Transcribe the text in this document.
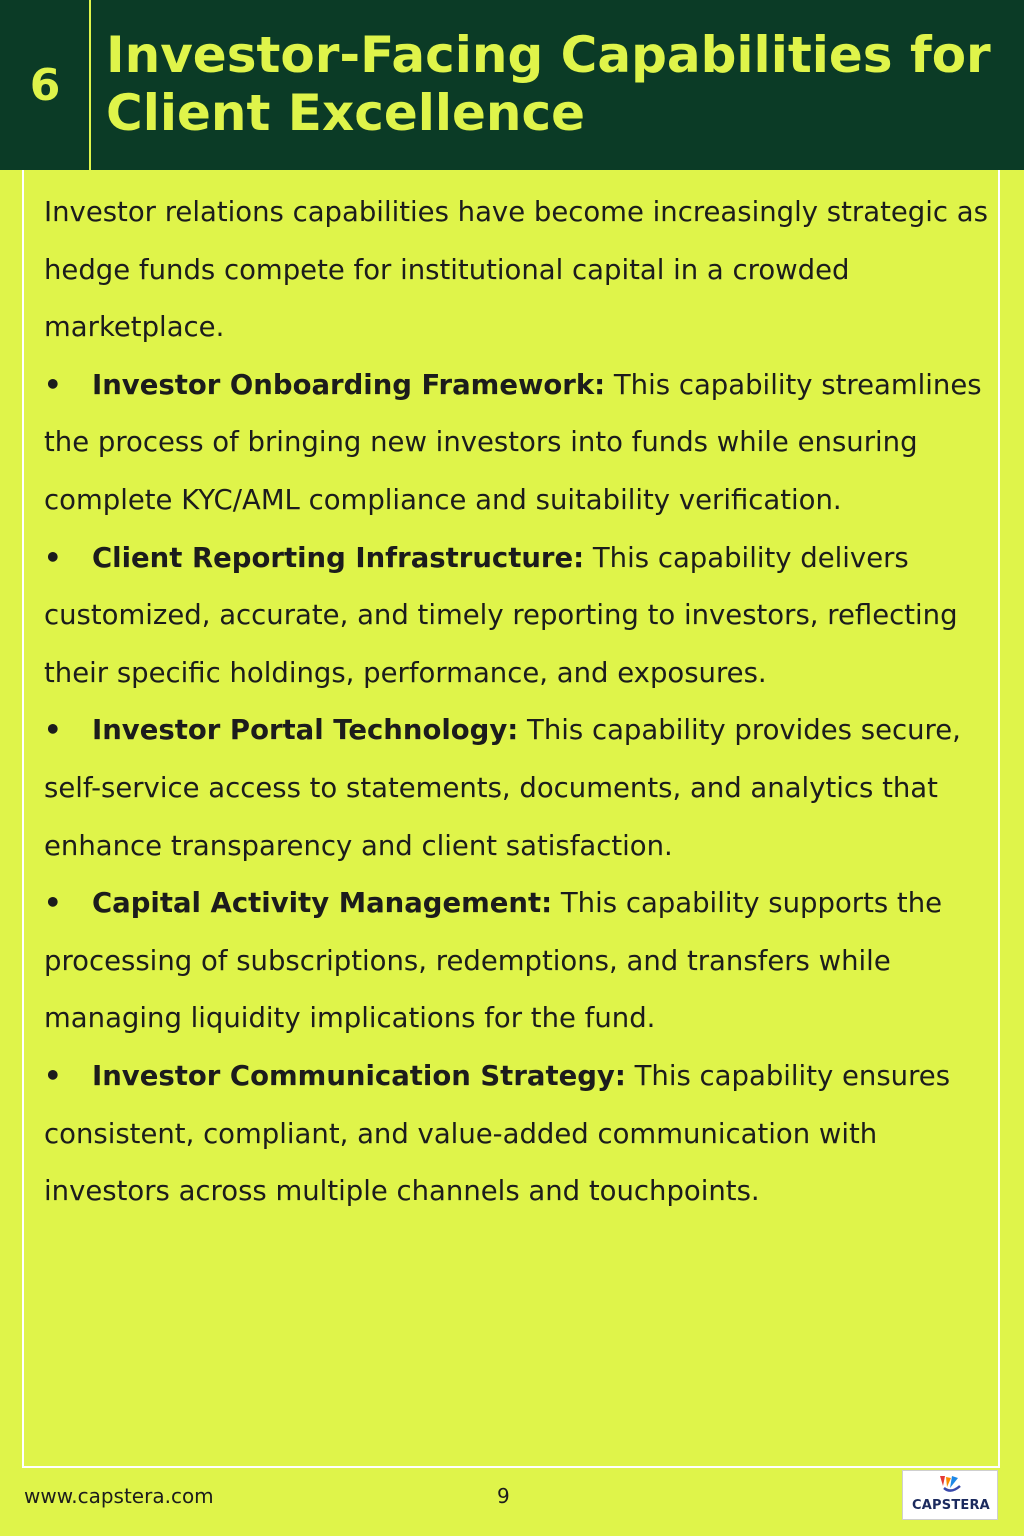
6
Investor-Facing Capabilities for
Client Excellence

Investor relations capabilities have become increasingly strategic as hedge funds compete for institutional capital in a crowded marketplace.

• Investor Onboarding Framework: This capability streamlines the process of bringing new investors into funds while ensuring complete KYC/AML compliance and suitability verification.

• Client Reporting Infrastructure: This capability delivers customized, accurate, and timely reporting to investors, reflecting their specific holdings, performance, and exposures.

• Investor Portal Technology: This capability provides secure, self-service access to statements, documents, and analytics that enhance transparency and client satisfaction.

• Capital Activity Management: This capability supports the processing of subscriptions, redemptions, and transfers while managing liquidity implications for the fund.

• Investor Communication Strategy: This capability ensures consistent, compliant, and value-added communication with investors across multiple channels and touchpoints.

www.capstera.com	9	CAPSTERA
